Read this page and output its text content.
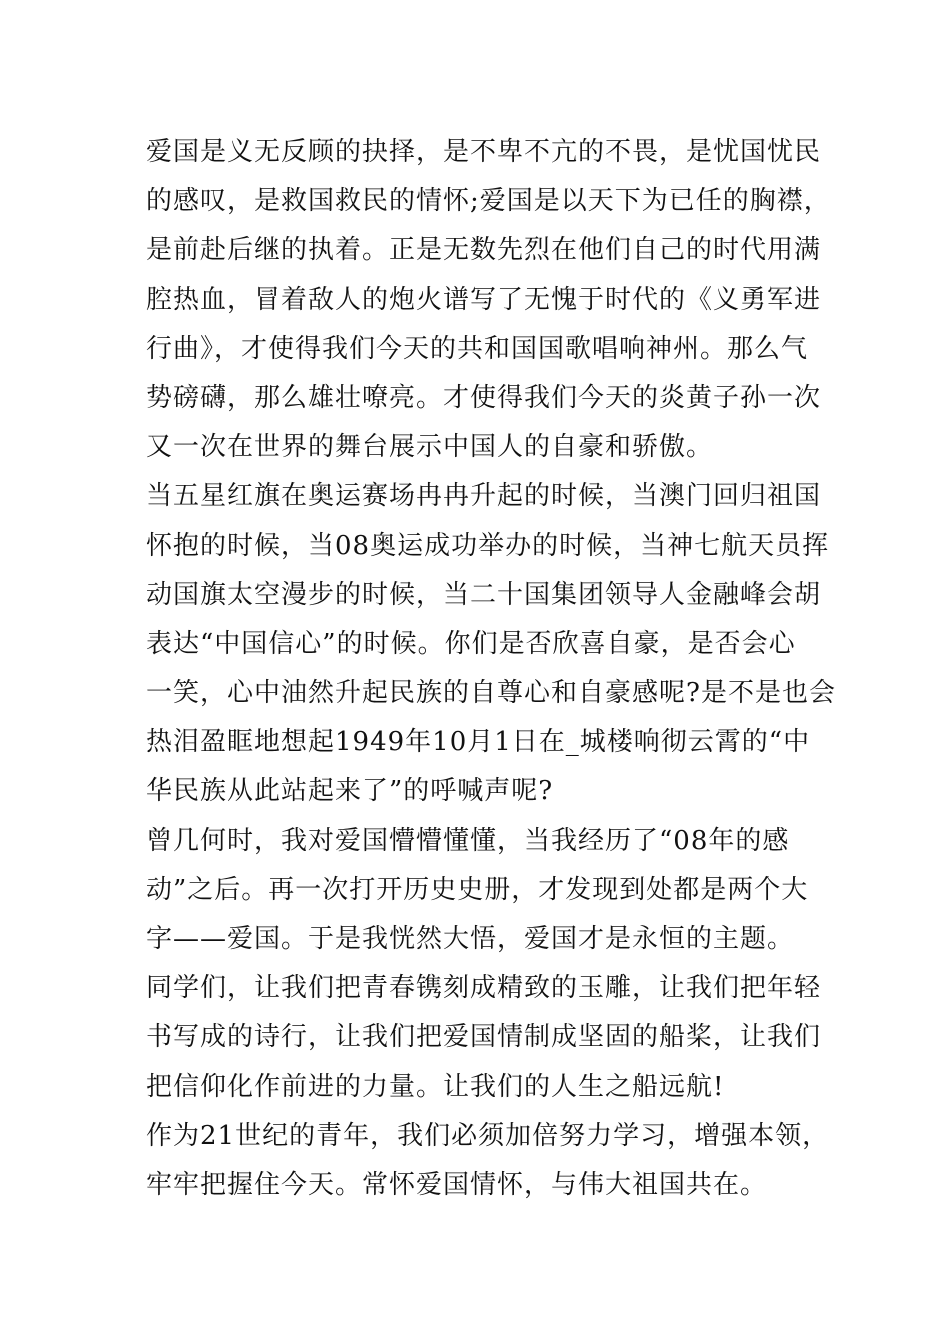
爱国是义无反顾的抉择，是不卑不亢的不畏，是忧国忧民
的感叹，是救国救民的情怀;爱国是以天下为已任的胸襟，
是前赴后继的执着。正是无数先烈在他们自己的时代用满
腔热血，冒着敌人的炮火谱写了无愧于时代的《义勇军进
行曲》，才使得我们今天的共和国国歌唱响神州。那么气
势磅礴，那么雄壮嘹亮。才使得我们今天的炎黄子孙一次
又一次在世界的舞台展示中国人的自豪和骄傲。
当五星红旗在奥运赛场冉冉升起的时候，当澳门回归祖国
怀抱的时候，当08奥运成功举办的时候，当神七航天员挥
动国旗太空漫步的时候，当二十国集团领导人金融峰会胡
表达“中国信心”的时候。你们是否欣喜自豪，是否会心
一笑，心中油然升起民族的自尊心和自豪感呢?是不是也会
热泪盈眶地想起1949年10月1日在_城楼响彻云霄的“中
华民族从此站起来了”的呼喊声呢?
曾几何时，我对爱国懵懵懂懂，当我经历了“08年的感
动”之后。再一次打开历史史册，才发现到处都是两个大
字——爱国。于是我恍然大悟，爱国才是永恒的主题。
同学们，让我们把青春镌刻成精致的玉雕，让我们把年轻
书写成的诗行，让我们把爱国情制成坚固的船桨，让我们
把信仰化作前进的力量。让我们的人生之船远航!
作为21世纪的青年，我们必须加倍努力学习，增强本领，
牢牢把握住今天。常怀爱国情怀，与伟大祖国共在。
